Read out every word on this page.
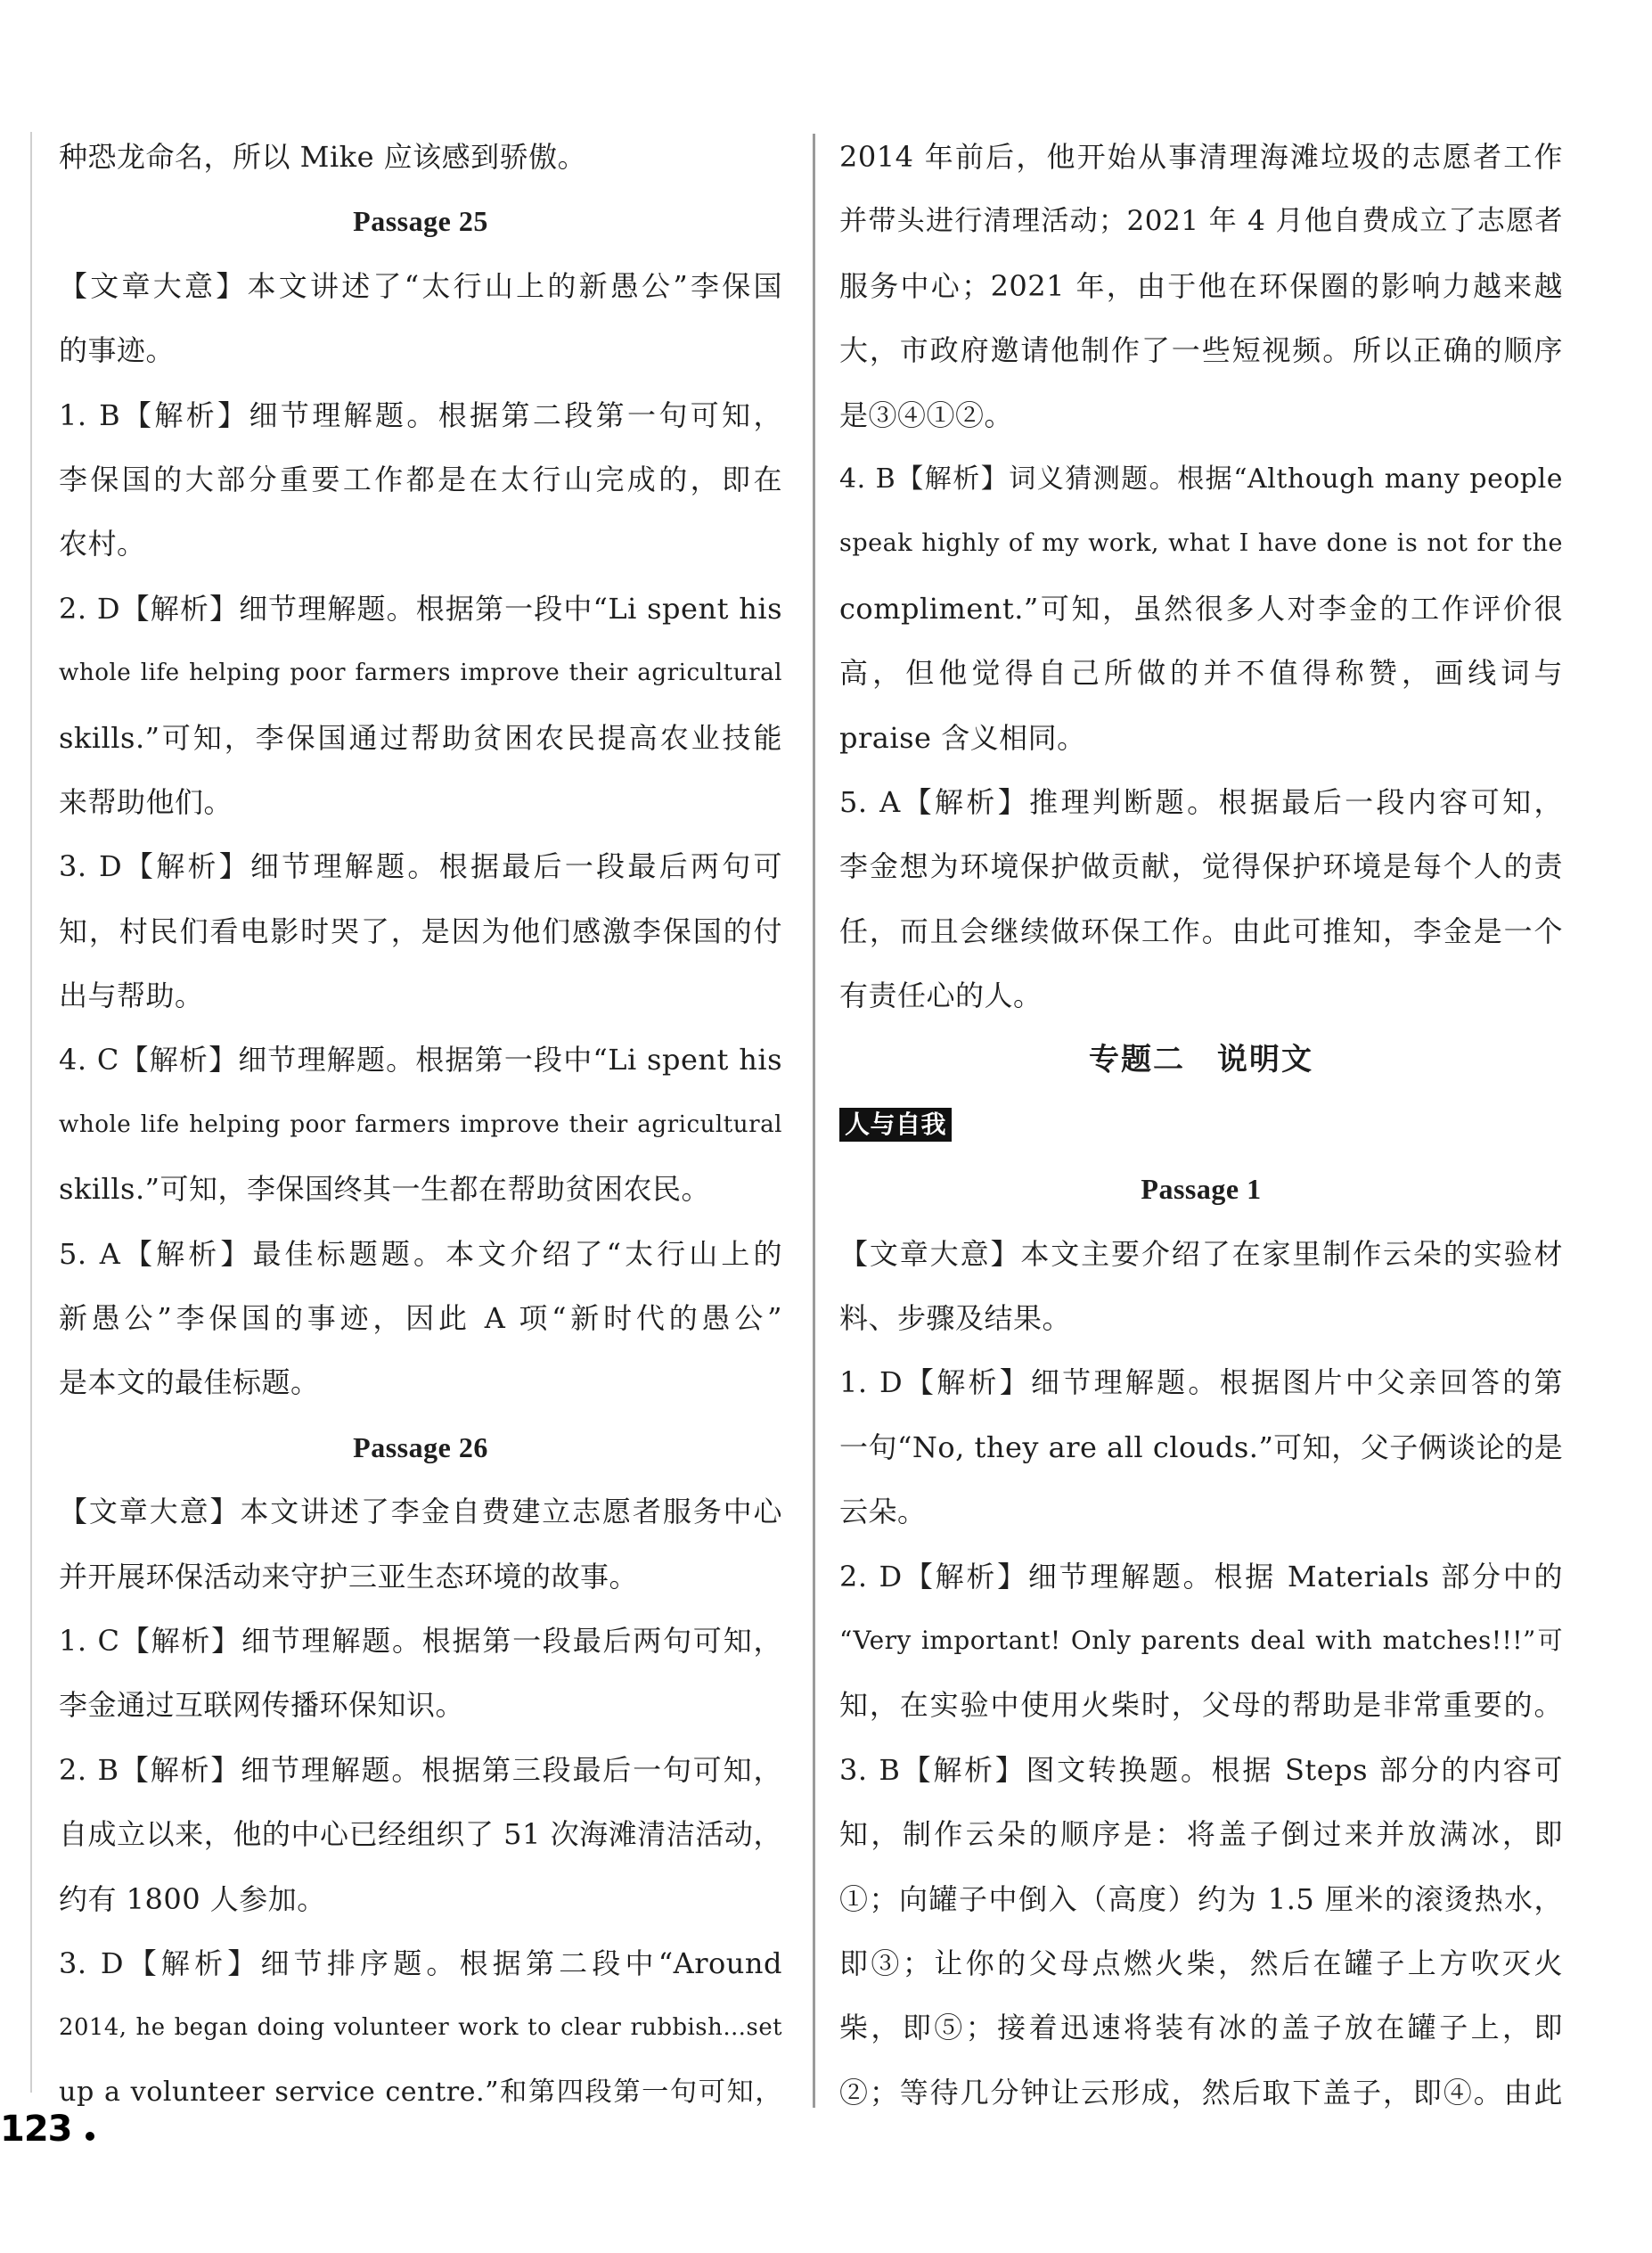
种恐龙命名，所以 Mike 应该感到骄傲。
Passage 25
【文章大意】本文讲述了“太行山上的新愚公”李保国
的事迹。
1. B【解析】细节理解题。根据第二段第一句可知，
李保国的大部分重要工作都是在太行山完成的，即在
农村。
2. D【解析】细节理解题。根据第一段中“Li spent his
whole life helping poor farmers improve their agricultural
skills.”可知，李保国通过帮助贫困农民提高农业技能
来帮助他们。
3. D【解析】细节理解题。根据最后一段最后两句可
知，村民们看电影时哭了，是因为他们感激李保国的付
出与帮助。
4. C【解析】细节理解题。根据第一段中“Li spent his
whole life helping poor farmers improve their agricultural
skills.”可知，李保国终其一生都在帮助贫困农民。
5. A【解析】最佳标题题。本文介绍了“太行山上的
新愚公”李保国的事迹，因此 A 项“新时代的愚公”
是本文的最佳标题。
Passage 26
【文章大意】本文讲述了李金自费建立志愿者服务中心
并开展环保活动来守护三亚生态环境的故事。
1. C【解析】细节理解题。根据第一段最后两句可知，
李金通过互联网传播环保知识。
2. B【解析】细节理解题。根据第三段最后一句可知，
自成立以来，他的中心已经组织了 51 次海滩清洁活动，
约有 1800 人参加。
3. D【解析】细节排序题。根据第二段中“Around
2014, he began doing volunteer work to clear rubbish…set
up a volunteer service centre.”和第四段第一句可知，
2014 年前后，他开始从事清理海滩垃圾的志愿者工作
并带头进行清理活动；2021 年 4 月他自费成立了志愿者
服务中心；2021 年，由于他在环保圈的影响力越来越
大，市政府邀请他制作了一些短视频。所以正确的顺序
是③④①②。
4. B【解析】词义猜测题。根据“Although many people
speak highly of my work, what I have done is not for the
compliment.”可知，虽然很多人对李金的工作评价很
高，但他觉得自己所做的并不值得称赞，画线词与
praise 含义相同。
5. A【解析】推理判断题。根据最后一段内容可知，
李金想为环境保护做贡献，觉得保护环境是每个人的责
任，而且会继续做环保工作。由此可推知，李金是一个
有责任心的人。
专题二　说明文
人与自我
Passage 1
【文章大意】本文主要介绍了在家里制作云朵的实验材
料、步骤及结果。
1. D【解析】细节理解题。根据图片中父亲回答的第
一句“No, they are all clouds.”可知，父子俩谈论的是
云朵。
2. D【解析】细节理解题。根据 Materials 部分中的
“Very important! Only parents deal with matches!!!”可
知，在实验中使用火柴时，父母的帮助是非常重要的。
3. B【解析】图文转换题。根据 Steps 部分的内容可
知，制作云朵的顺序是：将盖子倒过来并放满冰，即
①；向罐子中倒入（高度）约为 1.5 厘米的滚烫热水，
即③；让你的父母点燃火柴，然后在罐子上方吹灭火
柴，即⑤；接着迅速将装有冰的盖子放在罐子上，即
②；等待几分钟让云形成，然后取下盖子，即④。由此
123
